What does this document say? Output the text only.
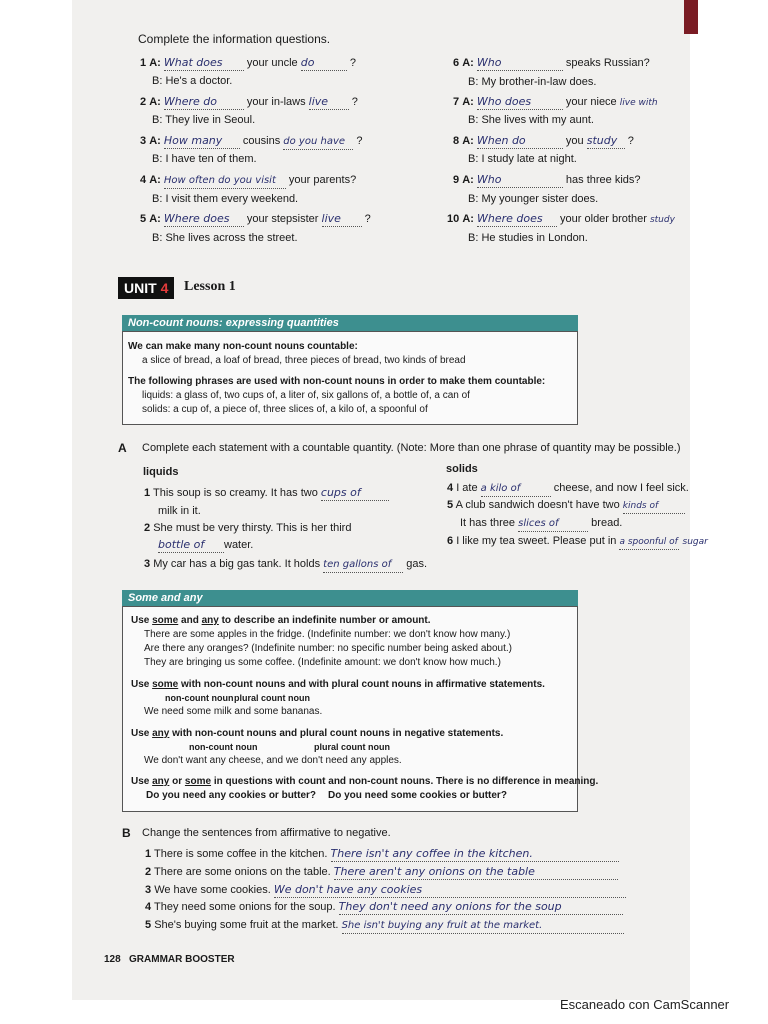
Complete the information questions.
1 A: What does your uncle do	?
B: He's a doctor.
2 A: Where do	your in-laws live ?
B: They live in Seoul.
3 A: How many cousins do you have ?
B: I have ten of them.
4 A: How often do you visit your parents?
B: I visit them every weekend.
5 A: Where does your stepsister live ?
B: She lives across the street.
6 A: Who	speaks Russian?
B: My brother-in-law does.
7 A: Who does	your niece live with
B: She lives with my aunt.
8 A: When do	you study ?
B: I study late at night.
9 A: Who	has three kids?
B: My younger sister does.
10 A: Where does your older brother study
B: He studies in London.
UNIT 4	Lesson 1
Non-count nouns: expressing quantities
We can make many non-count nouns countable:
a slice of bread, a loaf of bread, three pieces of bread, two kinds of bread
The following phrases are used with non-count nouns in order to make them countable:
liquids: a glass of, two cups of, a liter of, six gallons of, a bottle of, a can of
solids: a cup of, a piece of, three slices of, a kilo of, a spoonful of
A Complete each statement with a countable quantity. (Note: More than one phrase of quantity may be possible.)
liquids	solids
1 This soup is so creamy. It has two cups of
milk in it.
2 She must be very thirsty. This is her third
bottle of water.
3 My car has a big gas tank. It holds ten gallons of gas.
4 I ate a kilo of	cheese, and now I feel sick.
5 A club sandwich doesn't have two kinds of
It has three slices of	bread.
6 I like my tea sweet. Please put in a spoonful of sugar
Some and any
Use some and any to describe an indefinite number or amount.
There are some apples in the fridge. (Indefinite number: we don't know how many.)
Are there any oranges? (Indefinite number: no specific number being asked about.)
They are bringing us some coffee. (Indefinite amount: we don't know how much.)
Use some with non-count nouns and with plural count nouns in affirmative statements.
non-count noun plural count noun
We need some milk and some bananas.
Use any with non-count nouns and plural count nouns in negative statements.
non-count noun	plural count noun
We don't want any cheese, and we don't need any apples.
Use any or some in questions with count and non-count nouns. There is no difference in meaning.
Do you need any cookies or butter? Do you need some cookies or butter?
B Change the sentences from affirmative to negative.
1 There is some coffee in the kitchen. There isn't any coffee in the kitchen.
2 There are some onions on the table. There aren't any onions on the table
3 We have some cookies. We don't have any cookies
4 They need some onions for the soup. They don't need any onions for the soup
5 She's buying some fruit at the market. She isn't buying any fruit at the market.
128 GRAMMAR BOOSTER
Escaneado con CamScanner
